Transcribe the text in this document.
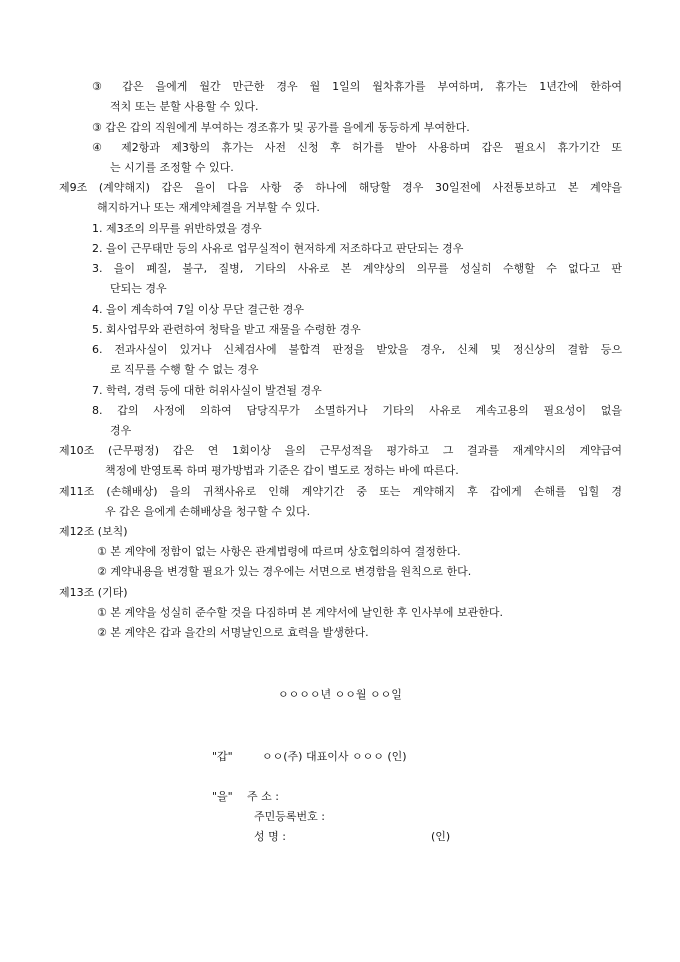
③ 갑은 을에게 월간 만근한 경우 월 1일의 월차휴가를 부여하며, 휴가는 1년간에 한하여
적치 또는 분할 사용할 수 있다.
③ 갑은 갑의 직원에게 부여하는 경조휴가 및 공가를 을에게 동등하게 부여한다.
④ 제2항과 제3항의 휴가는 사전 신청 후 허가를 받아 사용하며 갑은 필요시 휴가기간 또
는 시기를 조정할 수 있다.
제9조 (계약해지) 갑은 을이 다음 사항 중 하나에 해당할 경우 30일전에 사전통보하고 본 계약을
해지하거나 또는 재계약체결을 거부할 수 있다.
1. 제3조의 의무를 위반하였을 경우
2. 을이 근무태만 등의 사유로 업무실적이 현저하게 저조하다고 판단되는 경우
3. 을이 폐질, 불구, 질병, 기타의 사유로 본 계약상의 의무를 성실히 수행할 수 없다고 판
단되는 경우
4. 을이 계속하여 7일 이상 무단 결근한 경우
5. 회사업무와 관련하여 청탁을 받고 재물을 수령한 경우
6. 전과사실이 있거나 신체검사에 불합격 판정을 받았을 경우, 신체 및 정신상의 결함 등으
로 직무를 수행 할 수 없는 경우
7. 학력, 경력 등에 대한 허위사실이 발견될 경우
8. 갑의 사정에 의하여 담당직무가 소멸하거나 기타의 사유로 계속고용의 필요성이 없을
경우
제10조 (근무평정) 갑은 연 1회이상 을의 근무성적을 평가하고 그 결과를 재계약시의 계약급여
책정에 반영토록 하며 평가방법과 기준은 갑이 별도로 정하는 바에 따른다.
제11조 (손해배상) 을의 귀책사유로 인해 계약기간 중 또는 계약해지 후 갑에게 손해를 입힐 경
우 갑은 을에게 손해배상을 청구할 수 있다.
제12조 (보칙)
① 본 계약에 정함이 없는 사항은 관계법령에 따르며 상호협의하여 결정한다.
② 계약내용을 변경할 필요가 있는 경우에는 서면으로 변경함을 원칙으로 한다.
제13조 (기타)
① 본 계약을 성실히 준수할 것을 다짐하며 본 계약서에 날인한 후 인사부에 보관한다.
② 본 계약은 갑과 을간의 서명날인으로 효력을 발생한다.
ㅇㅇㅇㅇ년 ㅇㅇ월 ㅇㅇ일
"갑"	ㅇㅇ(주) 대표이사 ㅇㅇㅇ (인)
"을" 주 소 :
주민등록번호 :
성 명 :	(인)
